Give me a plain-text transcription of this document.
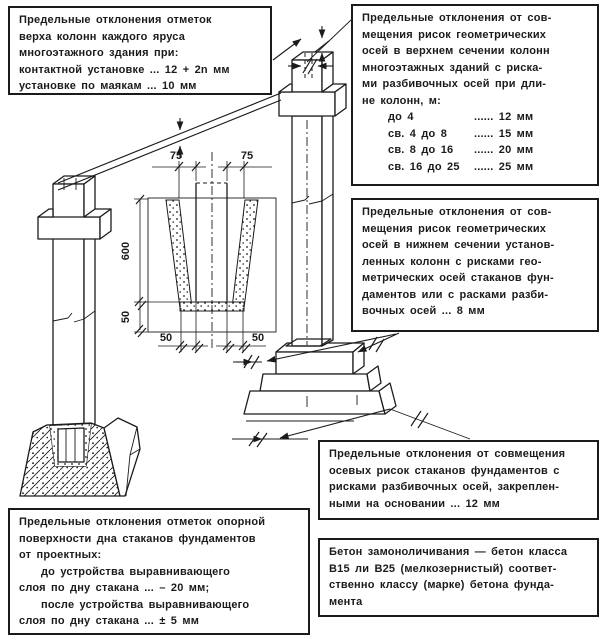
75	75
600
50
50	50
Предельные отклонения отметок
верха колонн каждого яруса
многоэтажного здания при:
контактной установке ... 12 + 2n мм
установке по маякам ... 10 мм
Предельные отклонения от сов-
мещения рисок геометрических
осей в верхнем сечении колонн
многоэтажных зданий с риска-
ми разбивочных осей при дли-
не колонн, м:
до 4	...... 12 мм
св. 4 до 8	...... 15 мм
св. 8 до 16	...... 20 мм
св. 16 до 25	...... 25 мм
Предельные отклонения от сов-
мещения рисок геометрических
осей в нижнем сечении установ-
ленных колонн с рисками гео-
метрических осей стаканов фун-
даментов или с расками разби-
вочных осей ... 8 мм
Предельные отклонения от совмещения
осевых рисок стаканов фундаментов с
рисками разбивочных осей, закреплен-
ными на основании ... 12 мм
Предельные отклонения отметок опорной
поверхности дна стаканов фундаментов
от проектных:
до устройства выравнивающего
слоя по дну стакана ... – 20 мм;
после устройства выравнивающего
слоя по дну стакана ... ± 5 мм
Бетон замоноличивания — бетон класса
В15 ли В25 (мелкозернистый) соответ-
ственно классу (марке) бетона фунда-
мента
